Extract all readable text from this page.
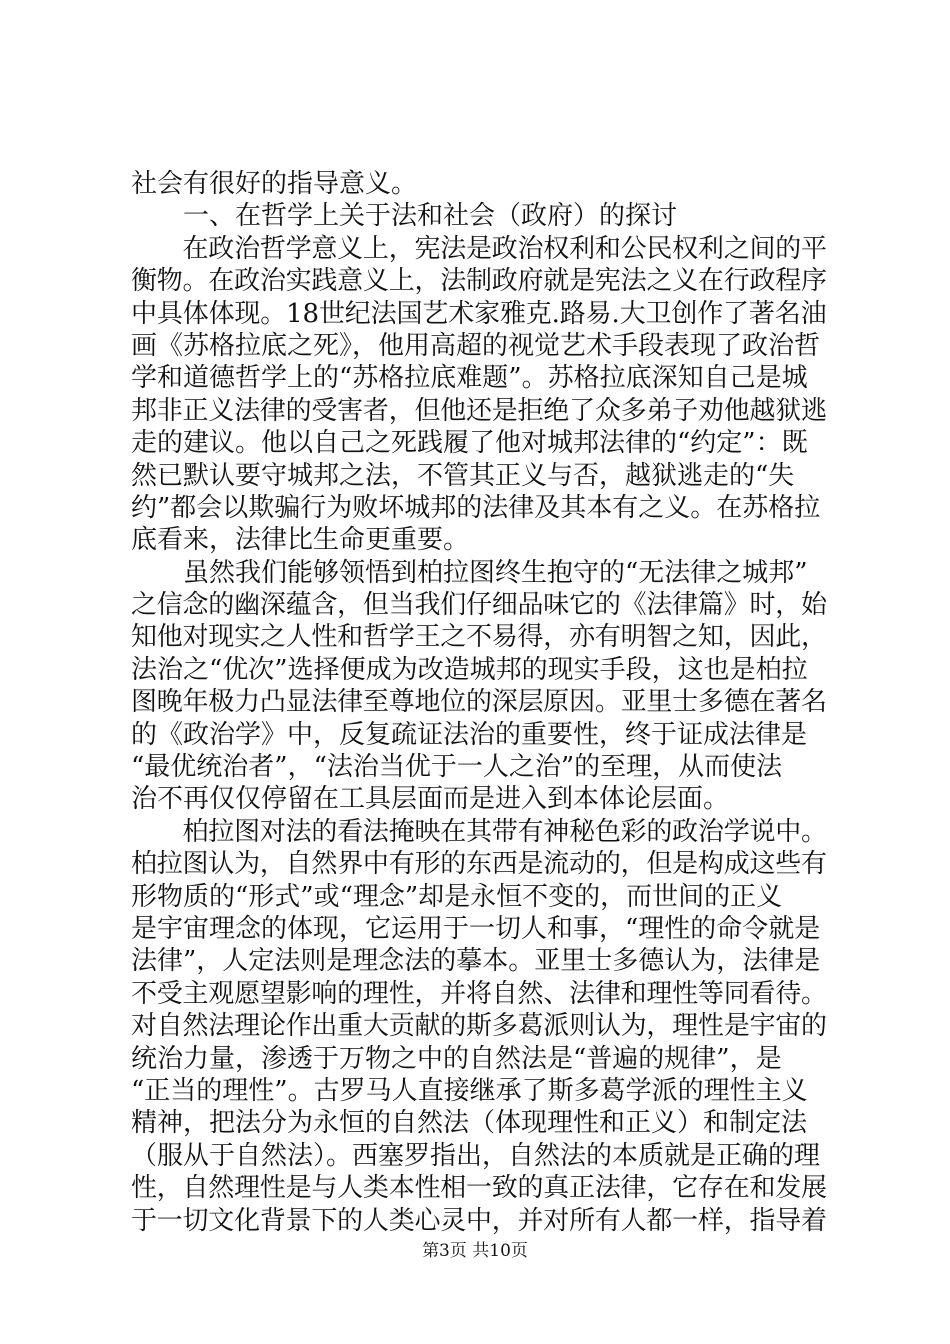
社会有很好的指导意义。
　　一、在哲学上关于法和社会（政府）的探讨
　　在政治哲学意义上，宪法是政治权利和公民权利之间的平
衡物。在政治实践意义上，法制政府就是宪法之义在行政程序
中具体体现。18世纪法国艺术家雅克.路易.大卫创作了著名油
画《苏格拉底之死》，他用高超的视觉艺术手段表现了政治哲
学和道德哲学上的“苏格拉底难题”。苏格拉底深知自己是城
邦非正义法律的受害者，但他还是拒绝了众多弟子劝他越狱逃
走的建议。他以自己之死践履了他对城邦法律的“约定”：既
然已默认要守城邦之法，不管其正义与否，越狱逃走的“失
约”都会以欺骗行为败坏城邦的法律及其本有之义。在苏格拉
底看来，法律比生命更重要。
　　虽然我们能够领悟到柏拉图终生抱守的“无法律之城邦”
之信念的幽深蕴含，但当我们仔细品味它的《法律篇》时，始
知他对现实之人性和哲学王之不易得，亦有明智之知，因此，
法治之“优次”选择便成为改造城邦的现实手段，这也是柏拉
图晚年极力凸显法律至尊地位的深层原因。亚里士多德在著名
的《政治学》中，反复疏证法治的重要性，终于证成法律是
“最优统治者”，“法治当优于一人之治”的至理，从而使法
治不再仅仅停留在工具层面而是进入到本体论层面。
　　柏拉图对法的看法掩映在其带有神秘色彩的政治学说中。
柏拉图认为，自然界中有形的东西是流动的，但是构成这些有
形物质的“形式”或“理念”却是永恒不变的，而世间的正义
是宇宙理念的体现，它运用于一切人和事，“理性的命令就是
法律”，人定法则是理念法的摹本。亚里士多德认为，法律是
不受主观愿望影响的理性，并将自然、法律和理性等同看待。
对自然法理论作出重大贡献的斯多葛派则认为，理性是宇宙的
统治力量，渗透于万物之中的自然法是“普遍的规律”，是
“正当的理性”。古罗马人直接继承了斯多葛学派的理性主义
精神，把法分为永恒的自然法（体现理性和正义）和制定法
（服从于自然法）。西塞罗指出，自然法的本质就是正确的理
性，自然理性是与人类本性相一致的真正法律，它存在和发展
于一切文化背景下的人类心灵中，并对所有人都一样，指导着
第3页 共10页
